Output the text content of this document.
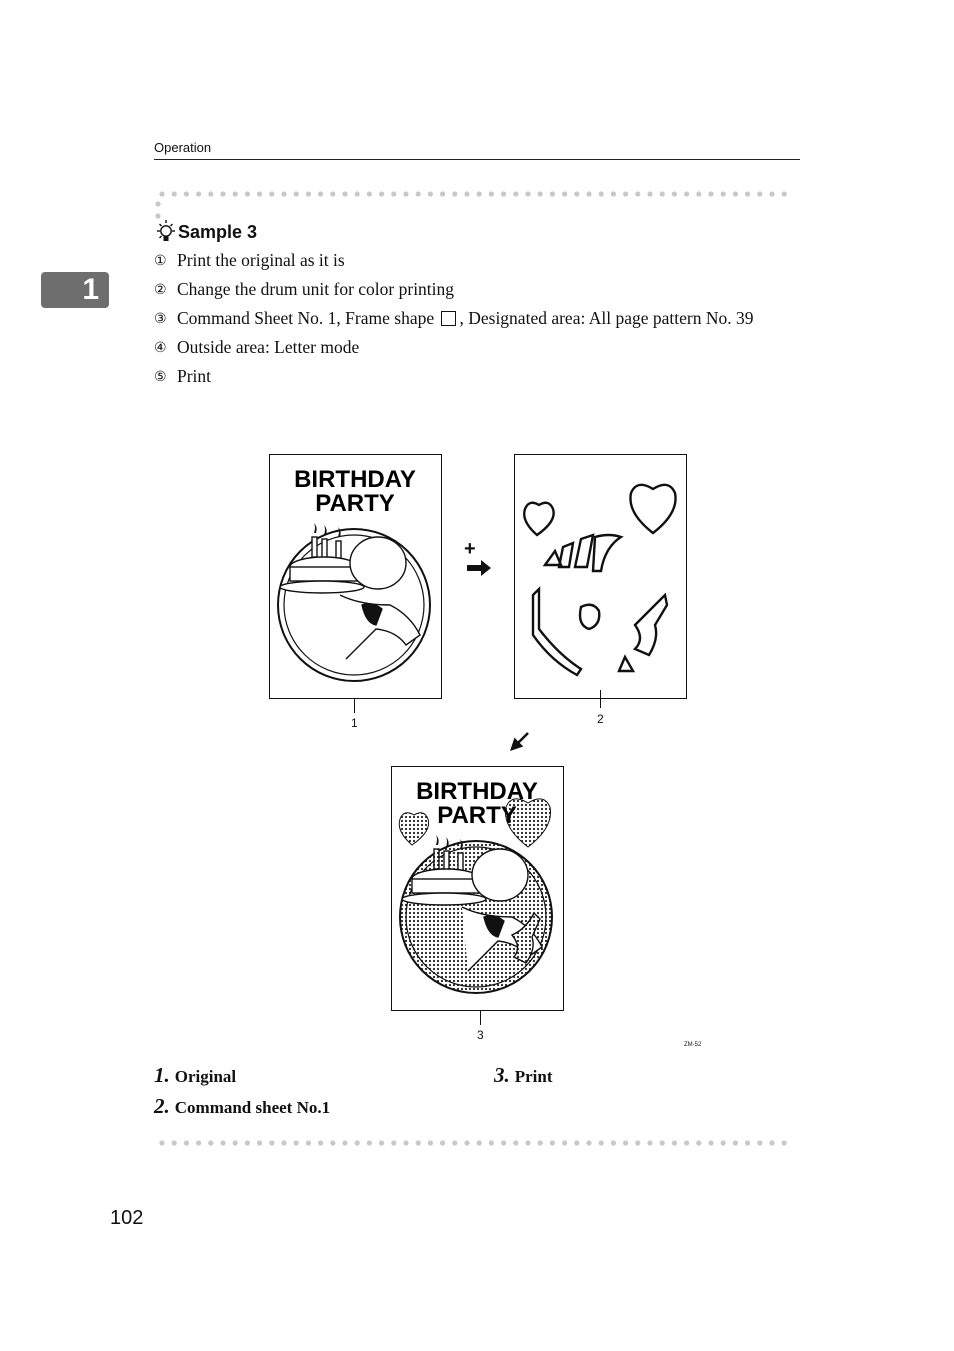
Operation
1
Sample 3
① Print the original as it is
② Change the drum unit for color printing
③ Command Sheet No. 1, Frame shape , Designated area: All page pattern No. 39
④ Outside area: Letter mode
⑤ Print
BIRTHDAY
PARTY
1
+
2
BIRTHDAY
PARTY
3
ZM-52
1. Original
2. Command sheet No.1
3. Print
102
